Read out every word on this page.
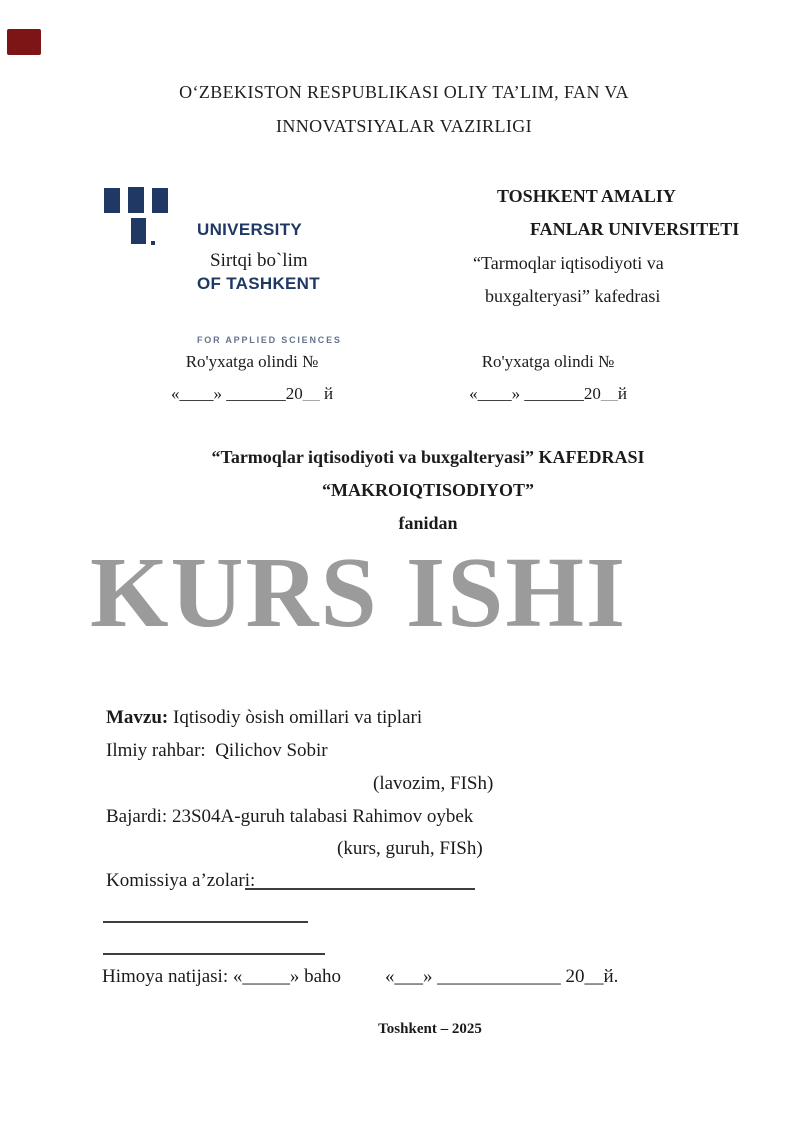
O‘ZBEKISTON RESPUBLIKASI OLIY TA’LIM, FAN VA
INNOVATSIYALAR VAZIRLIGI

UNIVERSITY

OF TASHKENT

FOR APPLIED SCIENCES

Sirtqi bo`lim
TOSHKENT AMALIY
FANLAR UNIVERSITETI
“Tarmoqlar iqtisodiyoti va
buxgalteryasi” kafedrasi
Ro'yxatga olindi №
«____» _______20__ й
Ro'yxatga olindi №
«____» _______20__й
“Tarmoqlar iqtisodiyoti va buxgalteryasi” KAFEDRASI
“MAKROIQTISODIYOT”
fanidan
KURS ISHI
Mavzu: Iqtisodiy òsish omillari va tiplari
Ilmiy rahbar:  Qilichov Sobir
(lavozim, FISh)
Bajardi: 23S04A-guruh talabasi Rahimov oybek
(kurs, guruh, FISh)
Komissiya a’zolari:
Himoya natijasi: «_____» baho «___» _____________ 20__й.
Toshkent – 2025
